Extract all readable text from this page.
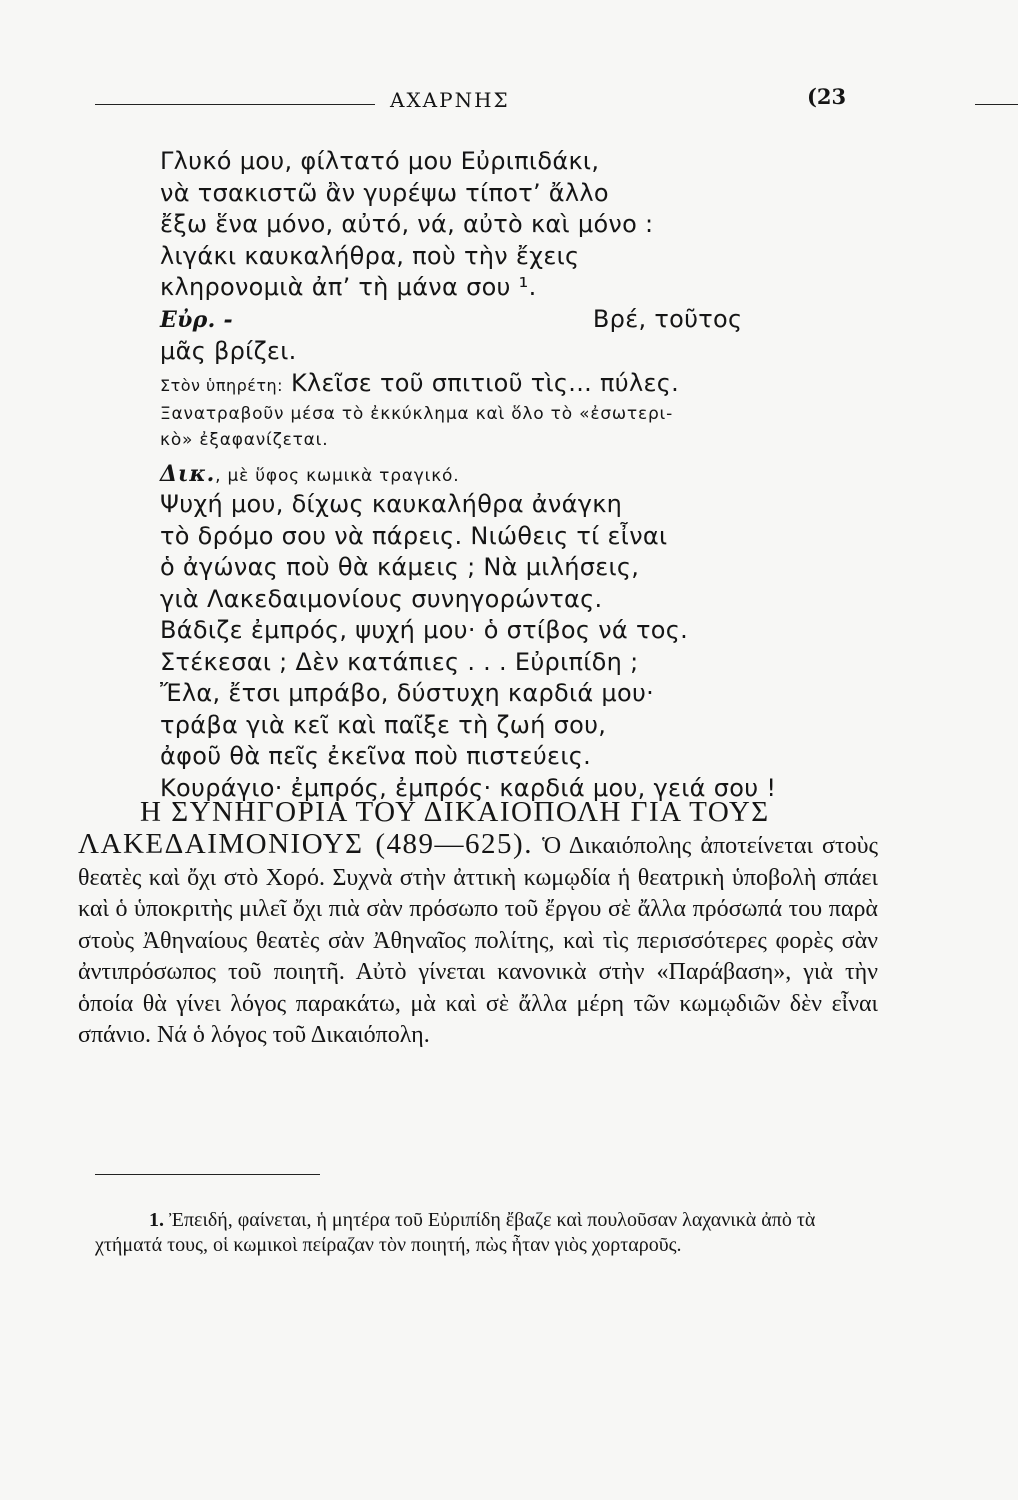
ΑΧΑΡΝΗΣ	(23
Γλυκό μου, φίλτατό μου Εὐριπιδάκι,
νὰ τσακιστῶ ἂν γυρέψω τίποτ’ ἄλλο
ἔξω ἕνα μόνο, αὐτό, νά, αὐτὸ καὶ μόνο :
λιγάκι καυκαλήθρα, ποὺ τὴν ἔχεις
κληρονομιὰ ἀπ’ τὴ μάνα σου ¹.
Εὐρ. -	Βρέ, τοῦτος
μᾶς βρίζει.
Στὸν ὑπηρέτη: Κλεῖσε τοῦ σπιτιοῦ τὶς... πύλες.
Ξανατραβοῦν μέσα τὸ ἐκκύκλημα καὶ ὅλο τὸ «ἐσωτερι-
κὸ» ἐξαφανίζεται.
Δικ., μὲ ὕφος κωμικὰ τραγικό.
Ψυχή μου, δίχως καυκαλήθρα ἀνάγκη
τὸ δρόμο σου νὰ πάρεις. Νιώθεις τί εἶναι
ὁ ἀγώνας ποὺ θὰ κάμεις ; Νὰ μιλήσεις,
γιὰ Λακεδαιμονίους συνηγορώντας.
Βάδιζε ἐμπρός, ψυχή μου· ὁ στίβος νά τος.
Στέκεσαι ; Δὲν κατάπιες . . . Εὐριπίδη ;
Ἔλα, ἔτσι μπράβο, δύστυχη καρδιά μου·
τράβα γιὰ κεῖ καὶ παῖξε τὴ ζωή σου,
ἀφοῦ θὰ πεῖς ἐκεῖνα ποὺ πιστεύεις.
Κουράγιο· ἐμπρός, ἐμπρός· καρδιά μου, γειά σου !
Η ΣΥΝΗΓΟΡΙΑ ΤΟΥ ΔΙΚΑΙΟΠΟΛΗ ΓΙΑ ΤΟΥΣ

ΛΑΚΕΔΑΙΜΟΝΙΟΥΣ (489—625). Ὁ Δικαιόπολης ἀποτείνεται στοὺς θεατὲς καὶ ὄχι στὸ Χορό. Συχνὰ στὴν ἀττικὴ κωμῳδία ἡ θεατρικὴ ὑποβολὴ σπάει καὶ ὁ ὑποκριτὴς μιλεῖ ὄχι πιὰ σὰν πρόσωπο τοῦ ἔργου σὲ ἄλλα πρόσωπά του παρὰ στοὺς Ἀθηναίους θεατὲς σὰν Ἀθηναῖος πολίτης, καὶ τὶς περισσότερες φορὲς σὰν ἀντιπρόσωπος τοῦ ποιητῆ. Αὐτὸ γίνεται κανονικὰ στὴν «Παράβαση», γιὰ τὴν ὁποία θὰ γίνει λόγος παρακάτω, μὰ καὶ σὲ ἄλλα μέρη τῶν κωμῳδιῶν δὲν εἶναι σπάνιο. Νά ὁ λόγος τοῦ Δικαιόπολη.

1. Ἐπειδή, φαίνεται, ἡ μητέρα τοῦ Εὐριπίδη ἔβαζε καὶ πουλοῦσαν λαχανικὰ ἀπὸ τὰ χτήματά τους, οἱ κωμικοὶ πείραζαν τὸν ποιητή, πὼς ἦταν γιὸς χορταροῦς.
